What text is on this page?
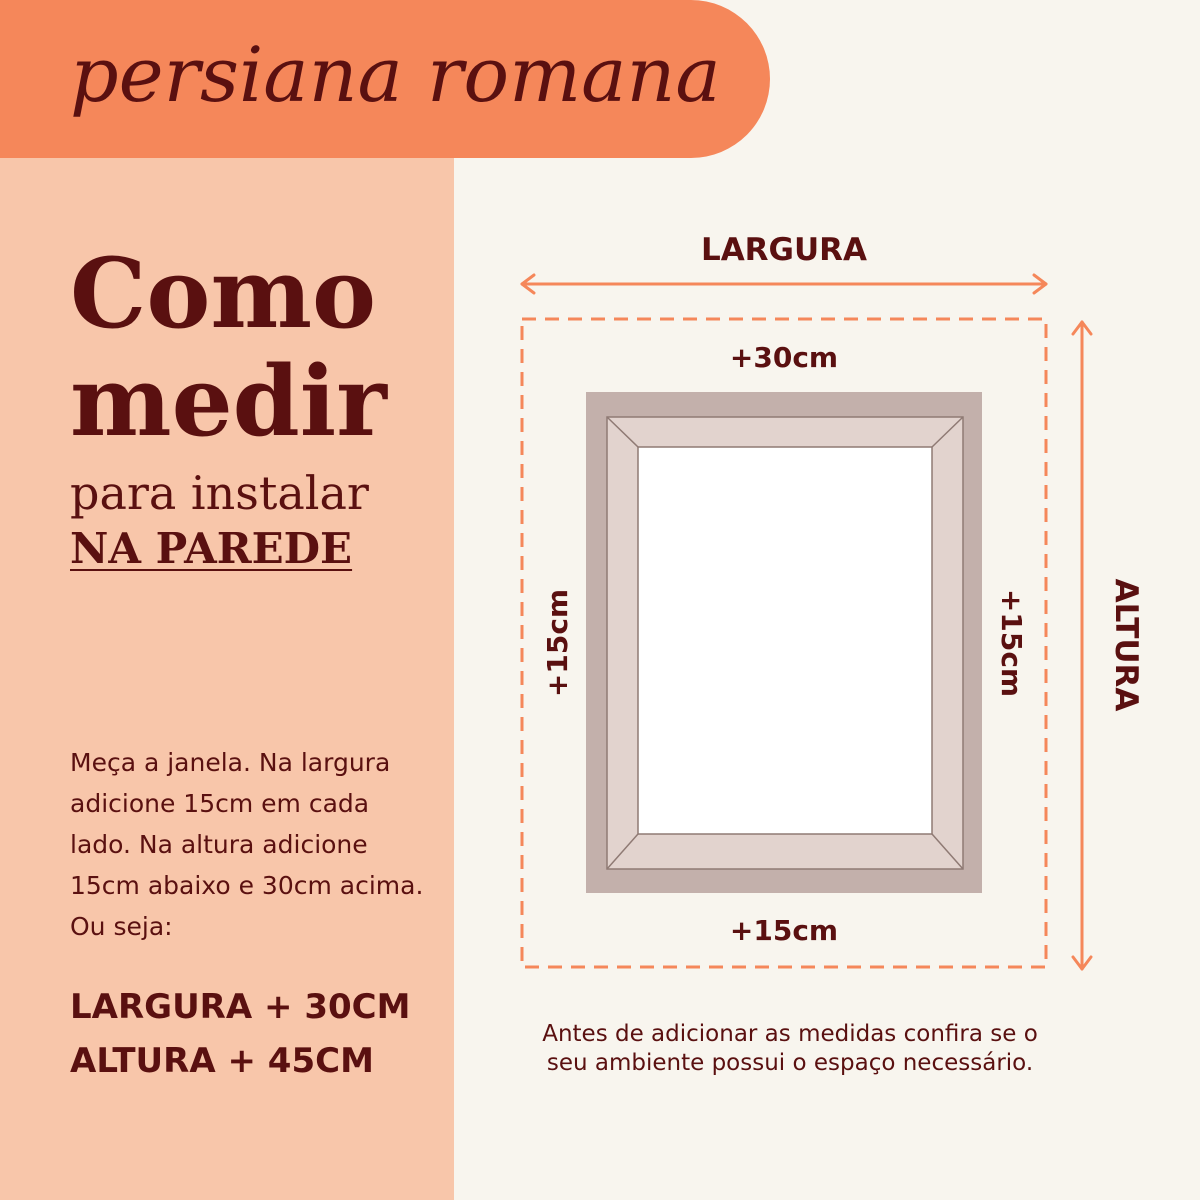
persiana romana
Como
medir
para instalar
NA PAREDE

Meça a janela. Na largura adicione 15cm em cada lado. Na altura adicione 15cm abaixo e 30cm acima. Ou seja:

LARGURA + 30CM
ALTURA + 45CM
LARGURA
ALTURA
+30cm
+15cm
+15cm	+15cm
Antes de adicionar as medidas confira se o
seu ambiente possui o espaço necessário.
